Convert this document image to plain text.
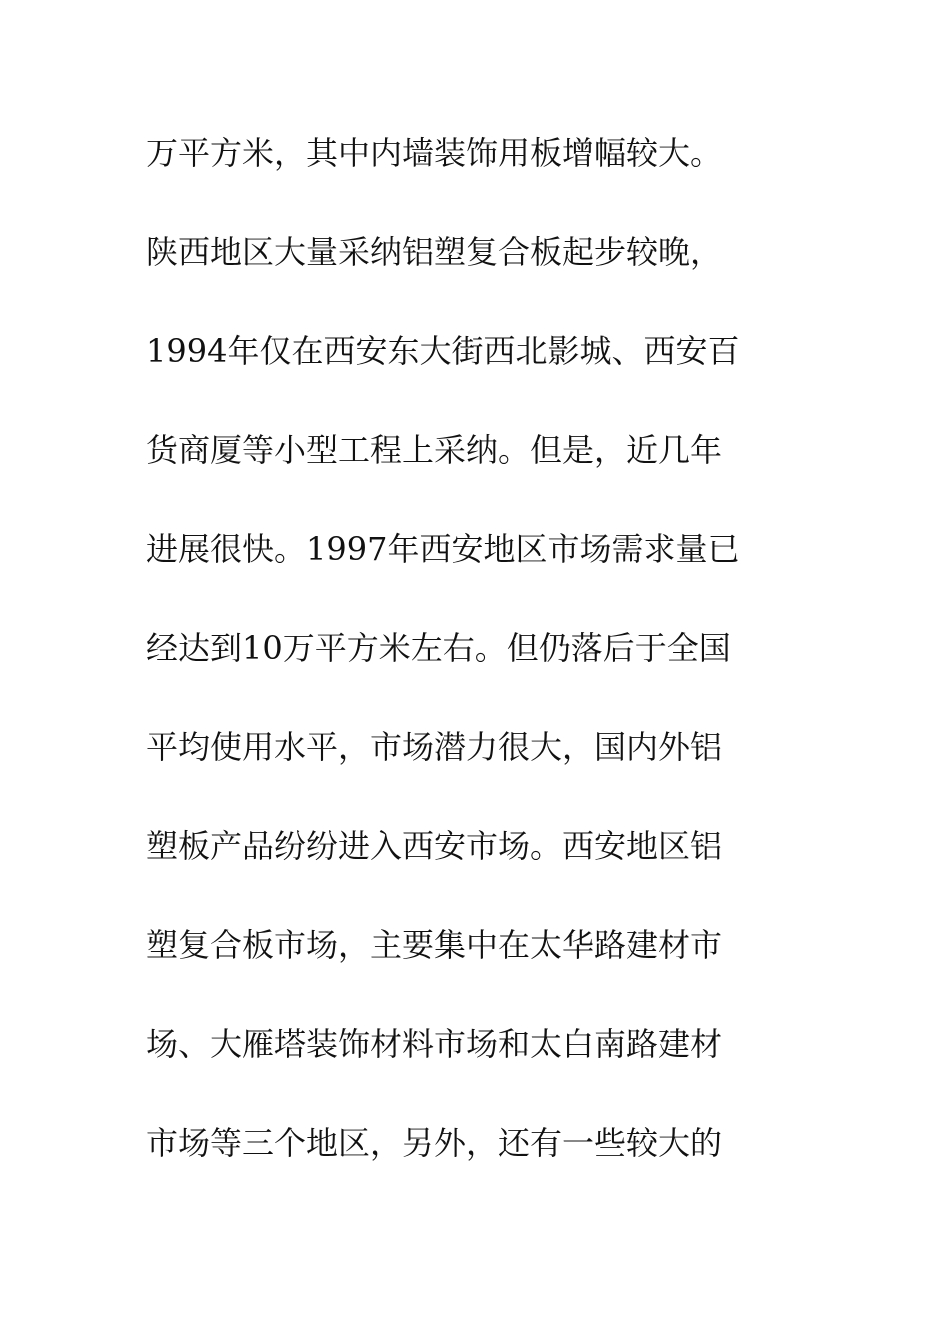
万平方米，其中内墙装饰用板增幅较大。
陕西地区大量采纳铝塑复合板起步较晚，
1994年仅在西安东大街西北影城、西安百
货商厦等小型工程上采纳。但是，近几年
进展很快。1997年西安地区市场需求量已
经达到10万平方米左右。但仍落后于全国
平均使用水平，市场潜力很大，国内外铝
塑板产品纷纷进入西安市场。西安地区铝
塑复合板市场，主要集中在太华路建材市
场、大雁塔装饰材料市场和太白南路建材
市场等三个地区，另外，还有一些较大的
